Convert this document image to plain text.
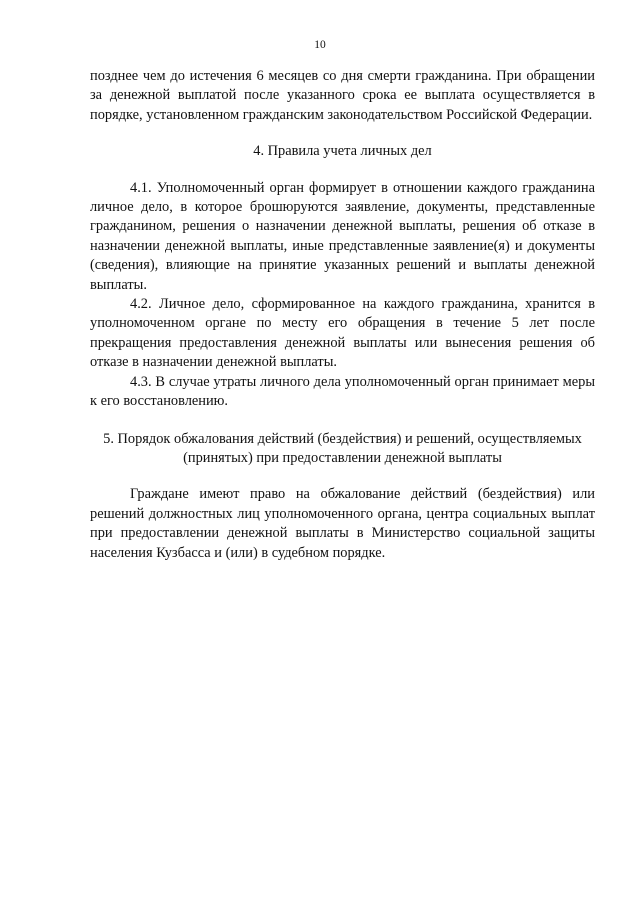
10

позднее чем до истечения 6 месяцев со дня смерти гражданина. При обращении за денежной выплатой после указанного срока ее выплата осуществляется в порядке, установленном гражданским законодательством Российской Федерации.

4. Правила учета личных дел

4.1. Уполномоченный орган формирует в отношении каждого гражданина личное дело, в которое брошюруются заявление, документы, представленные гражданином, решения о назначении денежной выплаты, решения об отказе в назначении денежной выплаты, иные представленные заявление(я) и документы (сведения), влияющие на принятие указанных решений и выплаты денежной выплаты.

4.2. Личное дело, сформированное на каждого гражданина, хранится в уполномоченном органе по месту его обращения в течение 5 лет после прекращения предоставления денежной выплаты или вынесения решения об отказе в назначении денежной выплаты.

4.3. В случае утраты личного дела уполномоченный орган принимает меры к его восстановлению.

5. Порядок обжалования действий (бездействия) и решений, осуществляемых (принятых) при предоставлении денежной выплаты

Граждане имеют право на обжалование действий (бездействия) или решений должностных лиц уполномоченного органа, центра социальных выплат при предоставлении денежной выплаты в Министерство социальной защиты населения Кузбасса и (или) в судебном порядке.
